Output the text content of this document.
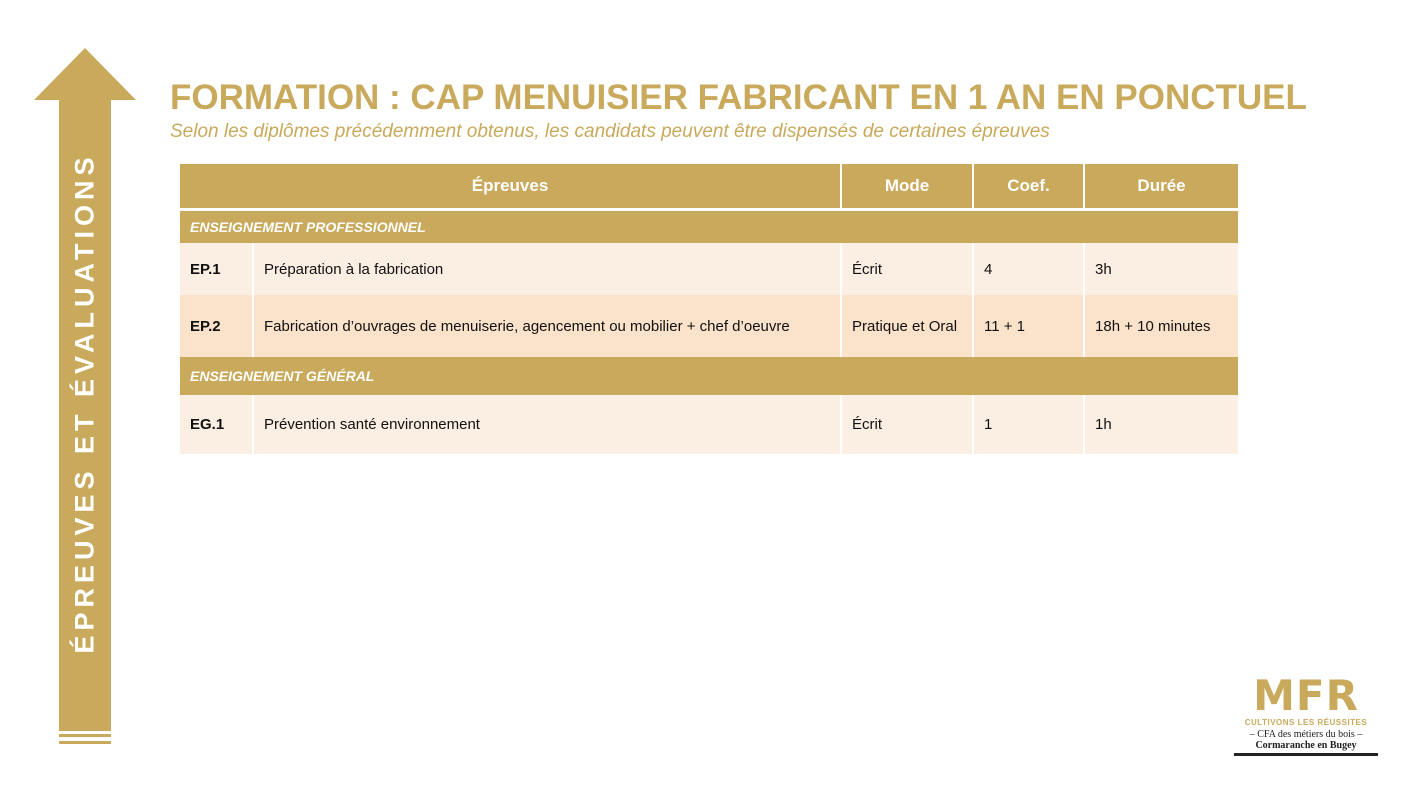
ÉPREUVES ET ÉVALUATIONS
FORMATION : CAP MENUISIER FABRICANT EN 1 AN EN PONCTUEL
Selon les diplômes précédemment obtenus, les candidats peuvent être dispensés de certaines épreuves
Épreuves		Mode	Coef.	Durée

ENSEIGNEMENT PROFESSIONNEL				
EP.1	Préparation à la fabrication	Écrit	4	3h
EP.2	Fabrication d’ouvrages de menuiserie, agencement ou mobilier + chef d’oeuvre	Pratique et Oral	11 + 1	18h + 10 minutes
ENSEIGNEMENT GÉNÉRAL				
EG.1	Prévention santé environnement	Écrit	1	1h
MFR
CULTIVONS LES RÉUSSITES
– CFA des métiers du bois –
Cormaranche en Bugey
